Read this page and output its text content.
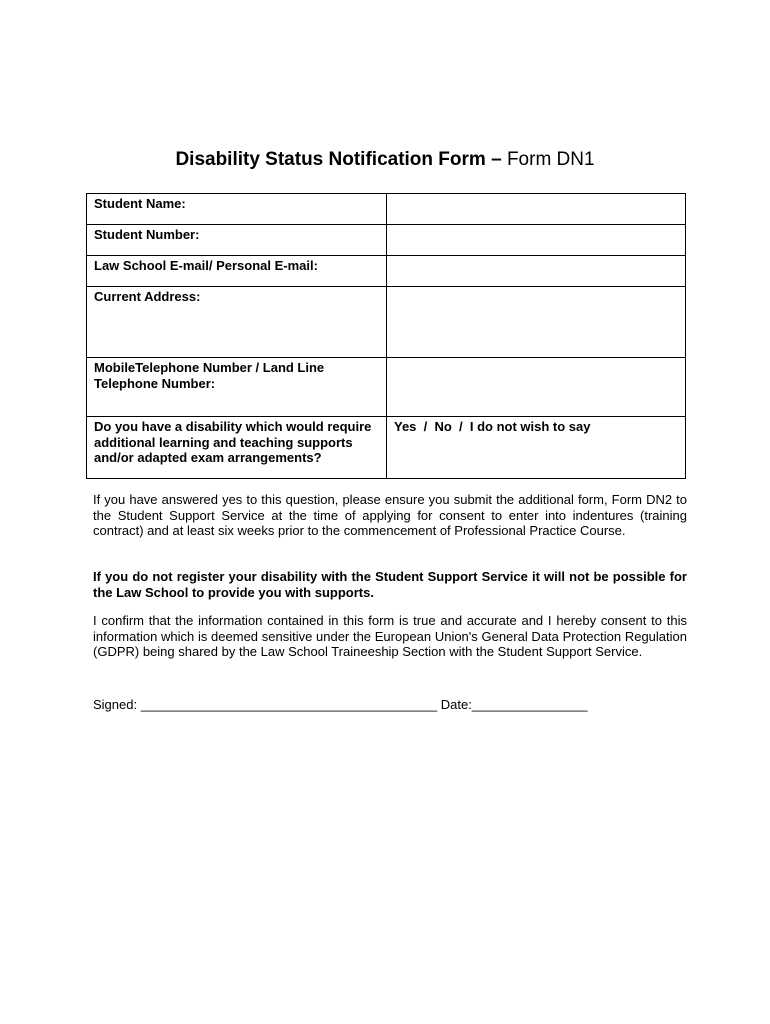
Disability Status Notification Form – Form DN1
Student Name:	
Student Number:	
Law School E-mail/ Personal E-mail:	
Current Address:	
MobileTelephone Number / Land Line Telephone Number:	
Do you have a disability which would require additional learning and teaching supports and/or adapted exam arrangements?	Yes  /  No  /  I do not wish to say
If you have answered yes to this question, please ensure you submit the additional form, Form DN2 to the Student Support Service at the time of applying for consent to enter into indentures (training contract) and at least six weeks prior to the commencement of Professional Practice Course.
If you do not register your disability with the Student Support Service it will not be possible for the Law School to provide you with supports.
I confirm that the information contained in this form is true and accurate and I hereby consent to this information which is deemed sensitive under the European Union's General Data Protection Regulation (GDPR) being shared by the Law School Traineeship Section with the Student Support Service.
Signed: _________________________________________ Date:________________
